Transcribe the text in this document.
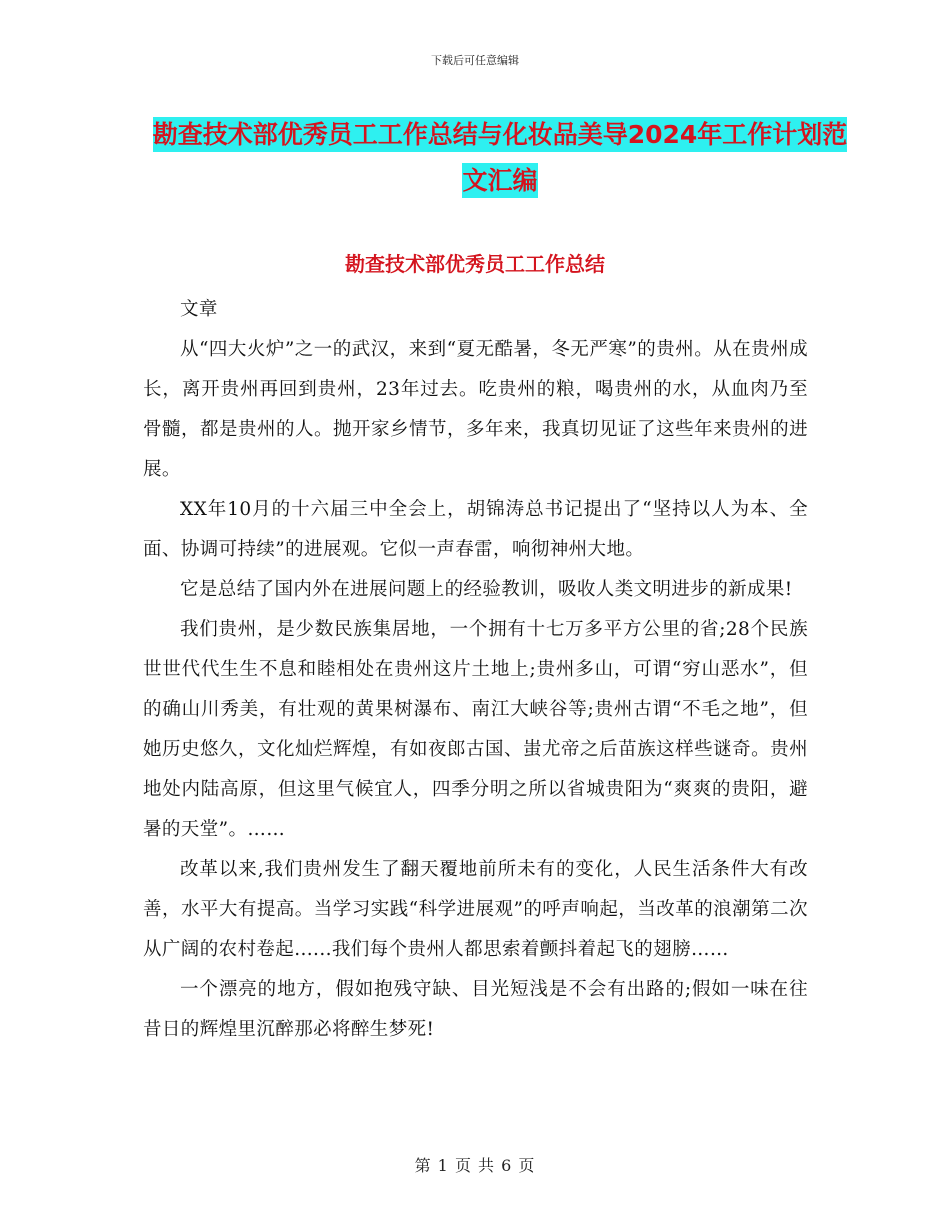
下载后可任意编辑
勘查技术部优秀员工工作总结与化妆品美导2024年工作计划范文汇编
勘查技术部优秀员工工作总结

文章

从“四大火炉”之一的武汉，来到“夏无酷暑，冬无严寒”的贵州。从在贵州成长，离开贵州再回到贵州，23年过去。吃贵州的粮，喝贵州的水，从血肉乃至骨髓，都是贵州的人。抛开家乡情节，多年来，我真切见证了这些年来贵州的进展。

XX年10月的十六届三中全会上，胡锦涛总书记提出了“坚持以人为本、全面、协调可持续”的进展观。它似一声春雷，响彻神州大地。

它是总结了国内外在进展问题上的经验教训，吸收人类文明进步的新成果!

我们贵州，是少数民族集居地，一个拥有十七万多平方公里的省;28个民族世世代代生生不息和睦相处在贵州这片土地上;贵州多山，可谓“穷山恶水”，但的确山川秀美，有壮观的黄果树瀑布、南江大峡谷等;贵州古谓“不毛之地”，但她历史悠久，文化灿烂辉煌，有如夜郎古国、蚩尤帝之后苗族这样些谜奇。贵州地处内陆高原，但这里气候宜人，四季分明之所以省城贵阳为“爽爽的贵阳，避暑的天堂”。……

改革以来,我们贵州发生了翻天覆地前所未有的变化，人民生活条件大有改善，水平大有提高。当学习实践“科学进展观”的呼声响起，当改革的浪潮第二次从广阔的农村卷起......我们每个贵州人都思索着颤抖着起飞的翅膀……

一个漂亮的地方，假如抱残守缺、目光短浅是不会有出路的;假如一味在往昔日的辉煌里沉醉那必将醉生梦死!

第 1 页 共 6 页
